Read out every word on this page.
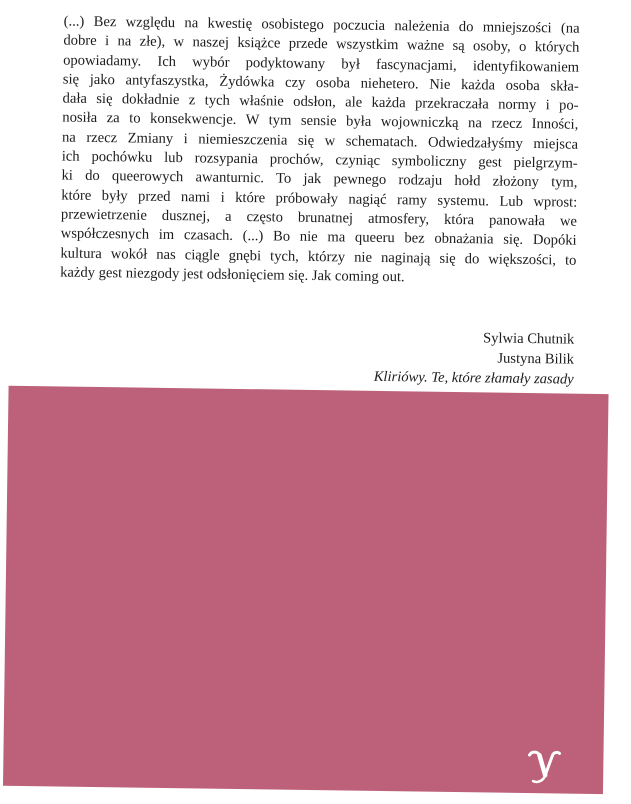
(...) Bez względu na kwestię osobistego poczucia należenia do mniejszości (na
dobre i na złe), w naszej książce przede wszystkim ważne są osoby, o których
opowiadamy. Ich wybór podyktowany był fascynacjami, identyfikowaniem
się jako antyfaszystka, Żydówka czy osoba niehetero. Nie każda osoba skła-
dała się dokładnie z tych właśnie odsłon, ale każda przekraczała normy i po-
nosiła za to konsekwencje. W tym sensie była wojowniczką na rzecz Inności,
na rzecz Zmiany i niemieszczenia się w schematach. Odwiedzałyśmy miejsca
ich pochówku lub rozsypania prochów, czyniąc symboliczny gest pielgrzym-
ki do queerowych awanturnic. To jak pewnego rodzaju hołd złożony tym,
które były przed nami i które próbowały nagiąć ramy systemu. Lub wprost:
przewietrzenie dusznej, a często brunatnej atmosfery, która panowała we
współczesnych im czasach. (...) Bo nie ma queeru bez obnażania się. Dopóki
kultura wokół nas ciągle gnębi tych, którzy nie naginają się do większości, to
każdy gest niezgody jest odsłonięciem się. Jak coming out.

Sylwia Chutnik
Justyna Bilik
Kliriówy. Te, które złamały zasady
